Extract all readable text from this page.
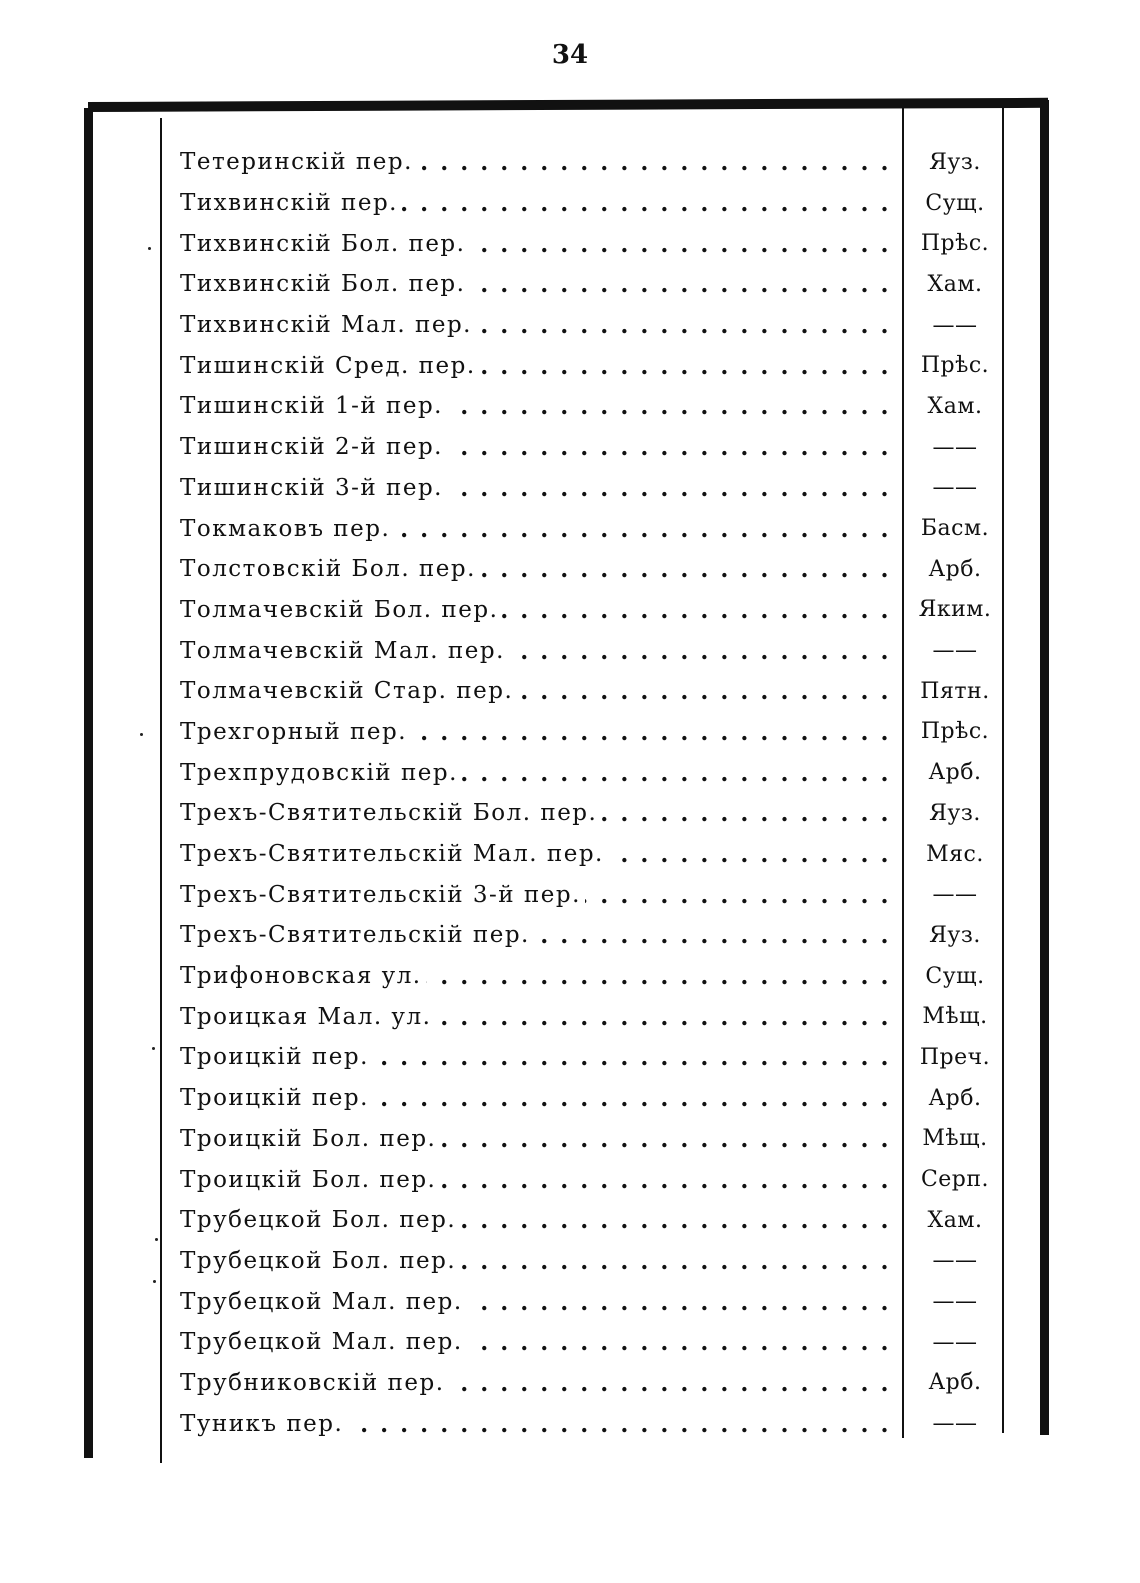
34
Тетеринскій пер. . . .	Яуз.
Тихвинскій пер. . . .	Сущ.
Тихвинскій Бол. пер. . . .	Прѣс.
Тихвинскій Бол. пер. . . .	Хам.
Тихвинскій Мал. пер. . . .	——
Тишинскій Сред. пер. . . .	Прѣс.
Тишинскій 1-й пер. . . .	Хам.
Тишинскій 2-й пер. . . .	——
Тишинскій 3-й пер. . . .	——
Токмаковъ пер. . . .	Басм.
Толстовскій Бол. пер. . . .	Арб.
Толмачевскій Бол. пер. . . .	Яким.
Толмачевскій Мал. пер. . . .	——
Толмачевскій Стар. пер. . . .	Пятн.
Трехгорный пер. . . .	Прѣс.
Трехпрудовскій пер. . . .	Арб.
Трехъ-Святительскій Бол. пер. . . .	Яуз.
Трехъ-Святительскій Мал. пер. . . .	Мяс.
Трехъ-Святительскій 3-й пер. . . .	——
Трехъ-Святительскій пер. . . .	Яуз.
Трифоновская ул. . . .	Сущ.
Троицкая Мал. ул. . . .	Мѣщ.
Троицкій пер. . . .	Преч.
Троицкій пер. . . .	Арб.
Троицкій Бол. пер. . . .	Мѣщ.
Троицкій Бол. пер. . . .	Серп.
Трубецкой Бол. пер. . . .	Хам.
Трубецкой Бол. пер. . . .	——
Трубецкой Мал. пер. . . .	——
Трубецкой Мал. пер. . . .	——
Трубниковскій пер. . . .	Арб.
Туникъ пер. . . .	——
